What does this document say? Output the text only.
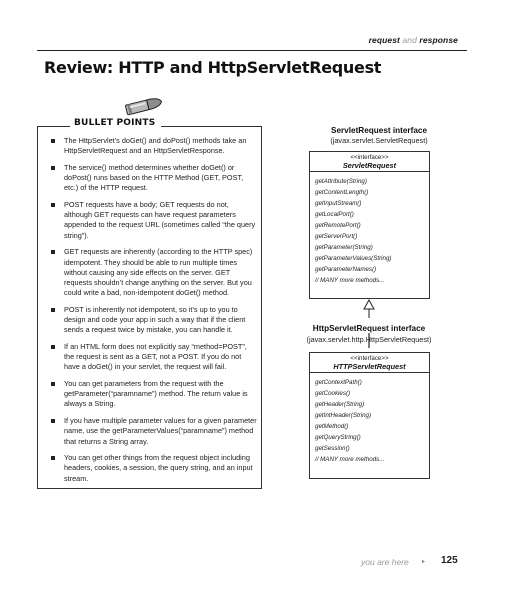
request and response
Review: HTTP and HttpServletRequest
BULLET POINTS
The HttpServlet’s doGet() and doPost() methods take an HttpServletRequest and an HttpServletResponse.
The service() method determines whether doGet() or doPost() runs based on the HTTP Method (GET, POST, etc.) of the HTTP request.
POST requests have a body; GET requests do not, although GET requests can have request parameters appended to the request URL (sometimes called “the query string”).
GET requests are inherently (according to the HTTP spec) idempotent. They should be able to run multiple times without causing any side effects on the server. GET requests shouldn’t change anything on the server. But you could write a bad, non-idempotent doGet() method.
POST is inherently not idempotent, so it’s up to you to design and code your app in such a way that if the client sends a request twice by mistake, you can handle it.
If an HTML form does not explicitly say “method=POST”, the request is sent as a GET, not a POST. If you do not have a doGet() in your servlet, the request will fail.
You can get parameters from the request with the getParameter(“paramname”) method. The return value is always a String.
If you have multiple parameter values for a given parameter name, use the getParameterValues(“paramname”) method that returns a String array.
You can get other things from the request object including headers, cookies, a session, the query string, and an input stream.
ServletRequest interface
(javax.servlet.ServletRequest)
<<interface>>
ServletRequest
getAttribute(String)
getContentLength()
getInputStream()
getLocalPort()
getRemotePort()
getServerPort()
getParameter(String)
getParameterValues(String)
getParameterNames()
// MANY more methods...
HttpServletRequest interface
(javax.servlet.http.HttpServletRequest)
<<interface>>
HTTPServletRequest
getContextPath()
getCookies()
getHeader(String)
getIntHeader(String)
getMethod()
getQueryString()
getSession()
// MANY more methods...
you are here ▸ 125
